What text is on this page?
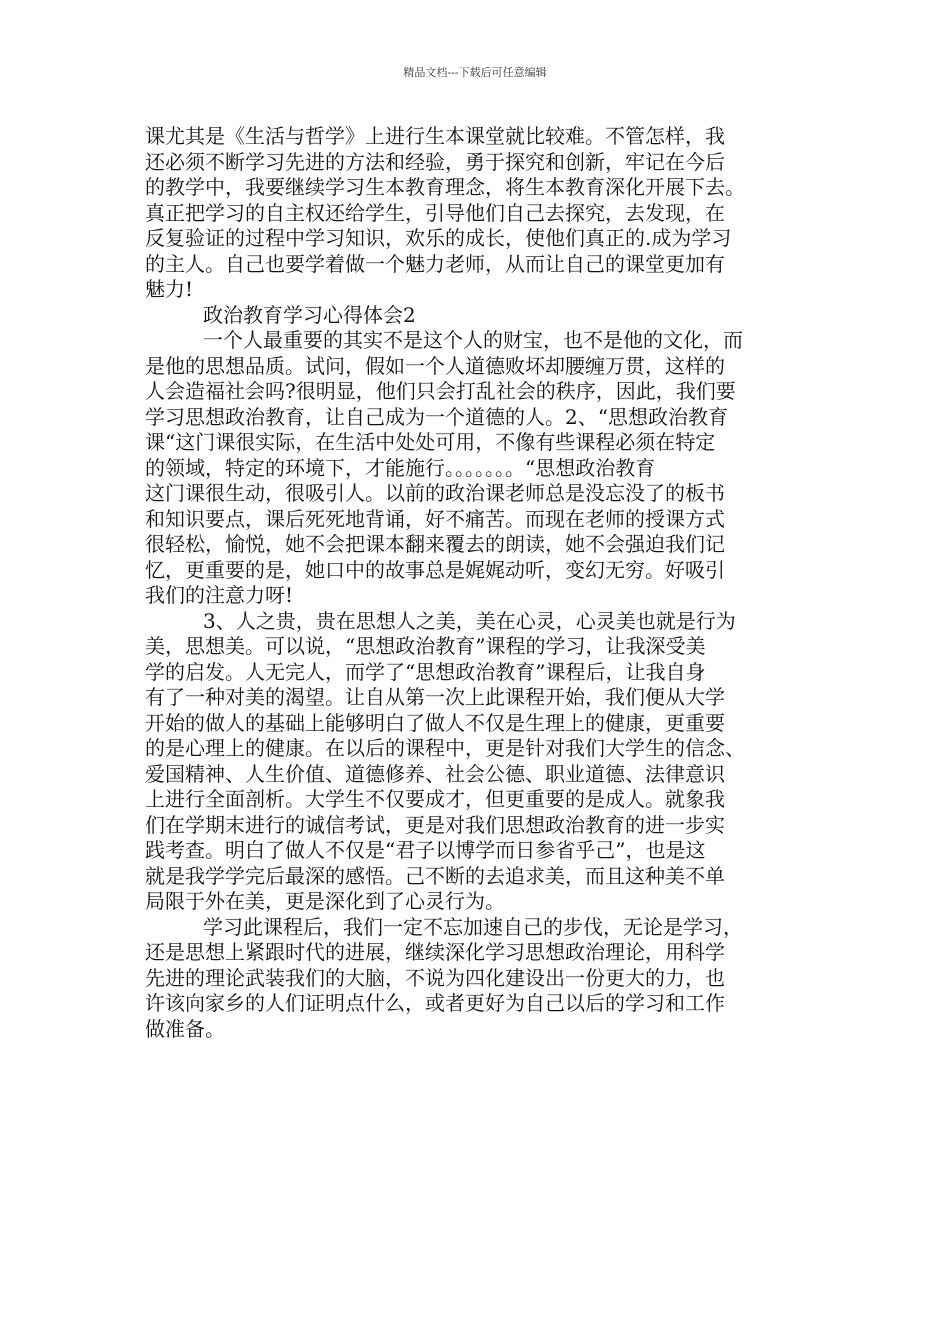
精品文档---下载后可任意编辑
课尤其是《生活与哲学》上进行生本课堂就比较难。不管怎样，我
还必须不断学习先进的方法和经验，勇于探究和创新，牢记在今后
的教学中，我要继续学习生本教育理念，将生本教育深化开展下去。
真正把学习的自主权还给学生，引导他们自己去探究，去发现，在
反复验证的过程中学习知识，欢乐的成长，使他们真正的.成为学习
的主人。自己也要学着做一个魅力老师，从而让自己的课堂更加有
魅力!
政治教育学习心得体会2
一个人最重要的其实不是这个人的财宝，也不是他的文化，而
是他的思想品质。试问，假如一个人道德败坏却腰缠万贯，这样的
人会造福社会吗?很明显，他们只会打乱社会的秩序，因此，我们要
学习思想政治教育，让自己成为一个道德的人。2、“思想政治教育
课“这门课很实际，在生活中处处可用，不像有些课程必须在特定
的领域，特定的环境下，才能施行。。。。。。。“思想政治教育
这门课很生动，很吸引人。以前的政治课老师总是没忘没了的板书
和知识要点，课后死死地背诵，好不痛苦。而现在老师的授课方式
很轻松，愉悦，她不会把课本翻来覆去的朗读，她不会强迫我们记
忆，更重要的是，她口中的故事总是娓娓动听，变幻无穷。好吸引
我们的注意力呀!
3、人之贵，贵在思想人之美，美在心灵，心灵美也就是行为
美，思想美。可以说，“思想政治教育”课程的学习，让我深受美
学的启发。人无完人，而学了“思想政治教育”课程后，让我自身
有了一种对美的渴望。让自从第一次上此课程开始，我们便从大学
开始的做人的基础上能够明白了做人不仅是生理上的健康，更重要
的是心理上的健康。在以后的课程中，更是针对我们大学生的信念、
爱国精神、人生价值、道德修养、社会公德、职业道德、法律意识
上进行全面剖析。大学生不仅要成才，但更重要的是成人。就象我
们在学期末进行的诚信考试，更是对我们思想政治教育的进一步实
践考查。明白了做人不仅是“君子以博学而日参省乎己”，也是这
就是我学学完后最深的感悟。己不断的去追求美，而且这种美不单
局限于外在美，更是深化到了心灵行为。
学习此课程后，我们一定不忘加速自己的步伐，无论是学习，
还是思想上紧跟时代的进展，继续深化学习思想政治理论，用科学
先进的理论武装我们的大脑，不说为四化建设出一份更大的力，也
许该向家乡的人们证明点什么，或者更好为自己以后的学习和工作
做准备。
